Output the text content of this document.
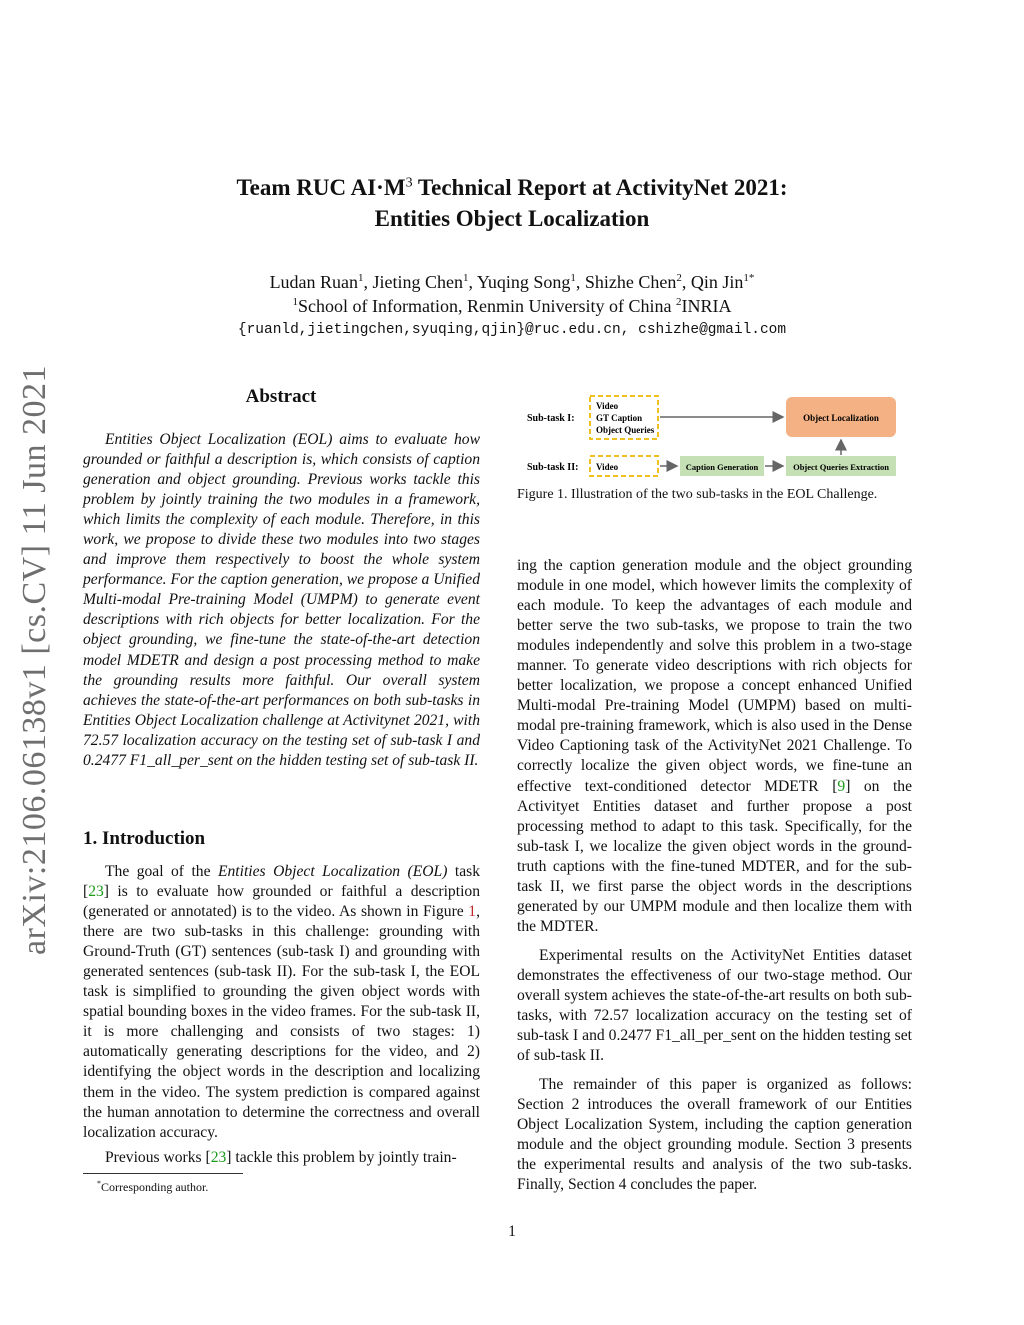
arXiv:2106.06138v1 [cs.CV] 11 Jun 2021
Team RUC $AI\cdot M^3$ Technical Report at ActivityNet 2021:
Entities Object Localization
Ludan Ruan$^1$, Jieting Chen$^1$, Yuqing Song$^1$, Shizhe Chen$^2$, Qin Jin$^{1*}$
$^1$School of Information, Renmin University of China $^2$INRIA
{ruanld,jietingchen,syuqing,qjin}@ruc.edu.cn, cshizhe@gmail.com
Abstract

Entities Object Localization (EOL) aims to evaluate how grounded or faithful a description is, which consists of caption generation and object grounding. Previous works tackle this problem by jointly training the two modules in a framework, which limits the complexity of each module. Therefore, in this work, we propose to divide these two modules into two stages and improve them respectively to boost the whole system performance. For the caption generation, we propose a Unified Multi-modal Pre-training Model (UMPM) to generate event descriptions with rich objects for better localization. For the object grounding, we fine-tune the state-of-the-art detection model MDETR and design a post processing method to make the grounding results more faithful. Our overall system achieves the state-of-the-art performances on both sub-tasks in Entities Object Localization challenge at Activitynet 2021, with 72.57 localization accuracy on the testing set of sub-task I and 0.2477 F1_all_per_sent on the hidden testing set of sub-task II.

1. Introduction

The goal of the Entities Object Localization (EOL) task [23] is to evaluate how grounded or faithful a description (generated or annotated) is to the video. As shown in Figure 1, there are two sub-tasks in this challenge: grounding with Ground-Truth (GT) sentences (sub-task I) and grounding with generated sentences (sub-task II). For the sub-task I, the EOL task is simplified to grounding the given object words with spatial bounding boxes in the video frames. For the sub-task II, it is more challenging and consists of two stages: 1) automatically generating descriptions for the video, and 2) identifying the object words in the description and localizing them in the video. The system prediction is compared against the human annotation to determine the correctness and overall localization accuracy.

Previous works [23] tackle this problem by jointly train-

*Corresponding author.
Sub-task I:
Sub-task II:
Video
GT Caption
Object Queries
Video
Object Localization
Caption Generation	Object Queries Extraction
Figure 1. Illustration of the two sub-tasks in the EOL Challenge.

ing the caption generation module and the object grounding module in one model, which however limits the complexity of each module. To keep the advantages of each module and better serve the two sub-tasks, we propose to train the two modules independently and solve this problem in a two-stage manner. To generate video descriptions with rich objects for better localization, we propose a concept enhanced Unified Multi-modal Pre-training Model (UMPM) based on multi-modal pre-training framework, which is also used in the Dense Video Captioning task of the ActivityNet 2021 Challenge. To correctly localize the given object words, we fine-tune an effective text-conditioned detector MDETR [9] on the Activityet Entities dataset and further propose a post processing method to adapt to this task. Specifically, for the sub-task I, we localize the given object words in the ground-truth captions with the fine-tuned MDTER, and for the sub-task II, we first parse the object words in the descriptions generated by our UMPM module and then localize them with the MDTER.

Experimental results on the ActivityNet Entities dataset demonstrates the effectiveness of our two-stage method. Our overall system achieves the state-of-the-art results on both sub-tasks, with 72.57 localization accuracy on the testing set of sub-task I and 0.2477 F1_all_per_sent on the hidden testing set of sub-task II.

The remainder of this paper is organized as follows: Section 2 introduces the overall framework of our Entities Object Localization System, including the caption generation module and the object grounding module. Section 3 presents the experimental results and analysis of the two sub-tasks. Finally, Section 4 concludes the paper.

1
